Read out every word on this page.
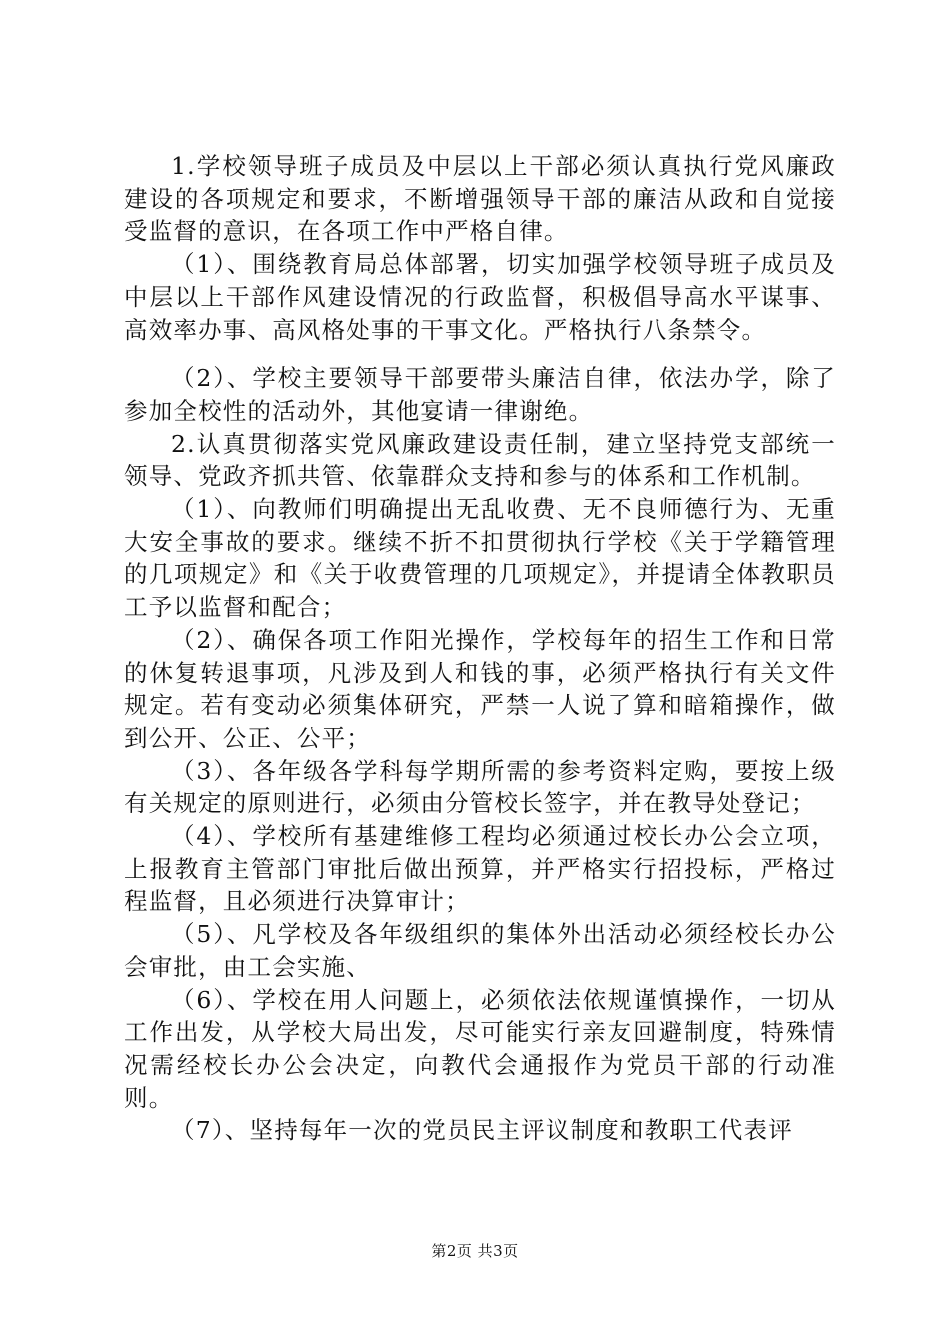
1.学校领导班子成员及中层以上干部必须认真执行党风廉政建设的各项规定和要求，不断增强领导干部的廉洁从政和自觉接受监督的意识，在各项工作中严格自律。

（1）、围绕教育局总体部署，切实加强学校领导班子成员及中层以上干部作风建设情况的行政监督，积极倡导高水平谋事、高效率办事、高风格处事的干事文化。严格执行八条禁令。

（2）、学校主要领导干部要带头廉洁自律，依法办学，除了参加全校性的活动外，其他宴请一律谢绝。

2.认真贯彻落实党风廉政建设责任制，建立坚持党支部统一领导、党政齐抓共管、依靠群众支持和参与的体系和工作机制。

（1）、向教师们明确提出无乱收费、无不良师德行为、无重大安全事故的要求。继续不折不扣贯彻执行学校《关于学籍管理的几项规定》和《关于收费管理的几项规定》，并提请全体教职员工予以监督和配合；

（2）、确保各项工作阳光操作，学校每年的招生工作和日常的休复转退事项，凡涉及到人和钱的事，必须严格执行有关文件规定。若有变动必须集体研究，严禁一人说了算和暗箱操作，做到公开、公正、公平；

（3）、各年级各学科每学期所需的参考资料定购，要按上级有关规定的原则进行，必须由分管校长签字，并在教导处登记；

（4）、学校所有基建维修工程均必须通过校长办公会立项，上报教育主管部门审批后做出预算，并严格实行招投标，严格过程监督，且必须进行决算审计；

（5）、凡学校及各年级组织的集体外出活动必须经校长办公会审批，由工会实施、

（6）、学校在用人问题上，必须依法依规谨慎操作，一切从工作出发，从学校大局出发，尽可能实行亲友回避制度，特殊情况需经校长办公会决定，向教代会通报作为党员干部的行动准则。

（7）、坚持每年一次的党员民主评议制度和教职工代表评

第2页 共3页
